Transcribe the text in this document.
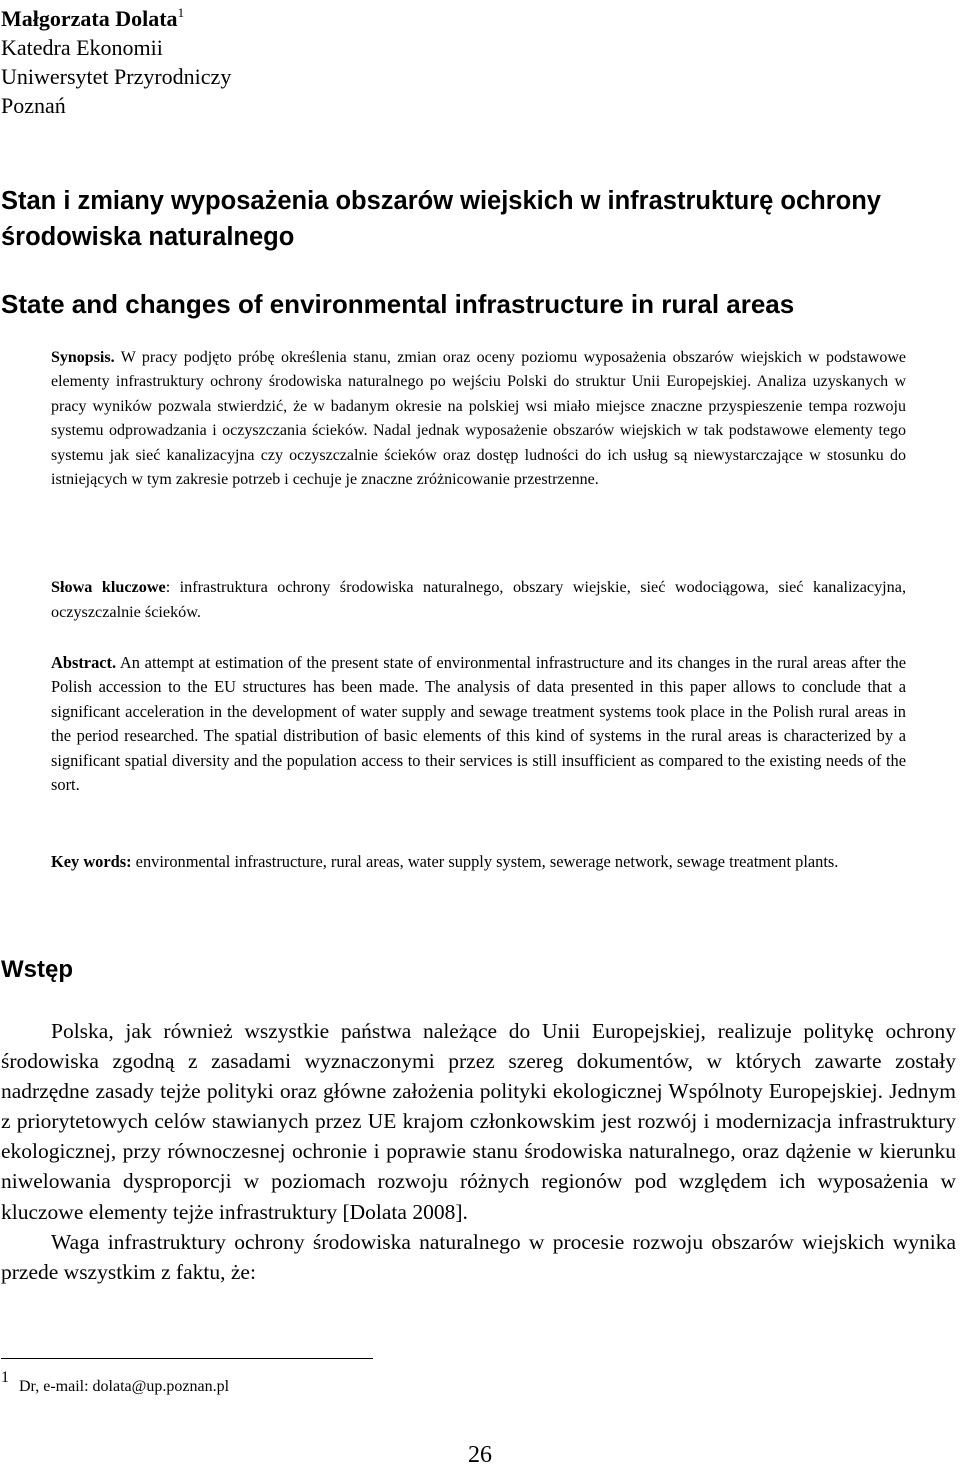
Małgorzata Dolata$^1$
Katedra Ekonomii
Uniwersytet Przyrodniczy
Poznań
Stan i zmiany wyposażenia obszarów wiejskich w infrastrukturę ochrony środowiska naturalnego
State and changes of environmental infrastructure in rural areas
Synopsis. W pracy podjęto próbę określenia stanu, zmian oraz oceny poziomu wyposażenia obszarów wiejskich w podstawowe elementy infrastruktury ochrony środowiska naturalnego po wejściu Polski do struktur Unii Europejskiej. Analiza uzyskanych w pracy wyników pozwala stwierdzić, że w badanym okresie na polskiej wsi miało miejsce znaczne przyspieszenie tempa rozwoju systemu odprowadzania i oczyszczania ścieków. Nadal jednak wyposażenie obszarów wiejskich w tak podstawowe elementy tego systemu jak sieć kanalizacyjna czy oczyszczalnie ścieków oraz dostęp ludności do ich usług są niewystarczające w stosunku do istniejących w tym zakresie potrzeb i cechuje je znaczne zróżnicowanie przestrzenne.
Słowa kluczowe: infrastruktura ochrony środowiska naturalnego, obszary wiejskie, sieć wodociągowa, sieć kanalizacyjna, oczyszczalnie ścieków.
Abstract. An attempt at estimation of the present state of environmental infrastructure and its changes in the rural areas after the Polish accession to the EU structures has been made. The analysis of data presented in this paper allows to conclude that a significant acceleration in the development of water supply and sewage treatment systems took place in the Polish rural areas in the period researched. The spatial distribution of basic elements of this kind of systems in the rural areas is characterized by a significant spatial diversity and the population access to their services is still insufficient as compared to the existing needs of the sort.
Key words: environmental infrastructure, rural areas, water supply system, sewerage network, sewage treatment plants.
Wstęp

Polska, jak również wszystkie państwa należące do Unii Europejskiej, realizuje politykę ochrony środowiska zgodną z zasadami wyznaczonymi przez szereg dokumentów, w których zawarte zostały nadrzędne zasady tejże polityki oraz główne założenia polityki ekologicznej Wspólnoty Europejskiej. Jednym z priorytetowych celów stawianych przez UE krajom członkowskim jest rozwój i modernizacja infrastruktury ekologicznej, przy równoczesnej ochronie i poprawie stanu środowiska naturalnego, oraz dążenie w kierunku niwelowania dysproporcji w poziomach rozwoju różnych regionów pod względem ich wyposażenia w kluczowe elementy tejże infrastruktury [Dolata 2008].

Waga infrastruktury ochrony środowiska naturalnego w procesie rozwoju obszarów wiejskich wynika przede wszystkim z faktu, że:

1Dr, e-mail: dolata@up.poznan.pl
26
